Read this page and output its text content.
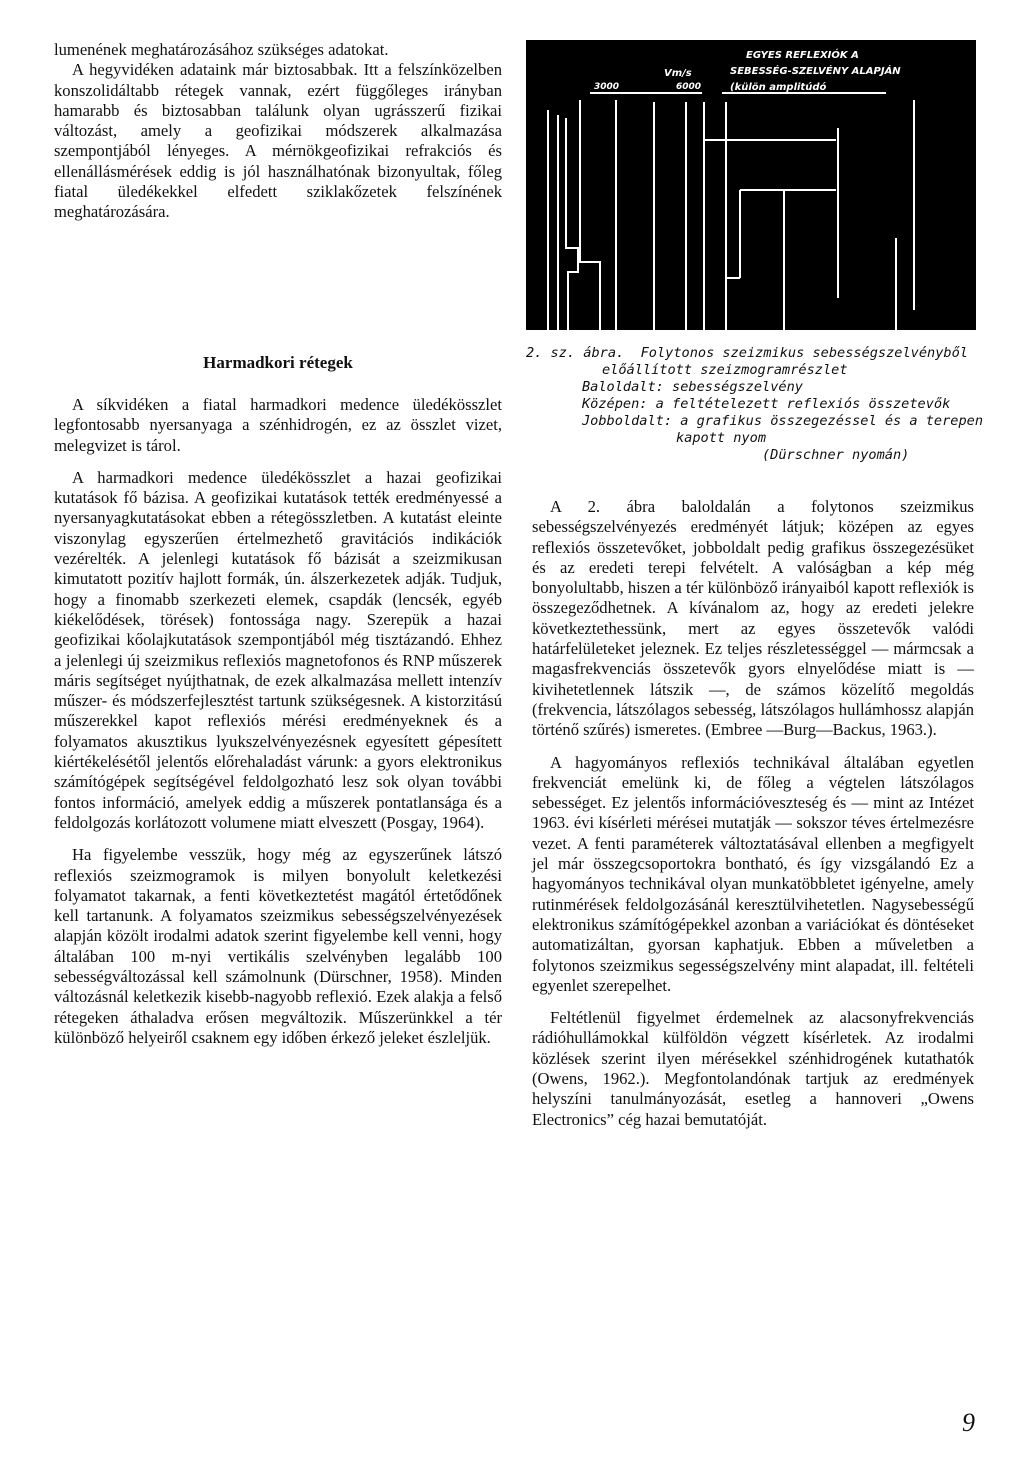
lumenének meghatározásához szükséges adatokat.

A hegyvidéken adataink már biztosabbak. Itt a felszínközelben konszolidáltabb rétegek vannak, ezért függőleges irányban hamarabb és biztosabban találunk olyan ugrásszerű fizikai változást, amely a geofizikai módszerek alkalmazása szempontjából lényeges. A mérnökgeofizikai refrakciós és ellenállásmérések eddig is jól használhatónak bizonyultak, főleg fiatal üledékekkel elfedett sziklakőzetek felszínének meghatározására.

Harmadkori rétegek

A síkvidéken a fiatal harmadkori medence üledékösszlet legfontosabb nyersanyaga a szénhidrogén, ez az összlet vizet, melegvizet is tárol.

A harmadkori medence üledékösszlet a hazai geofizikai kutatások fő bázisa. A geofizikai kutatások tették eredményessé a nyersanyagkutatásokat ebben a rétegösszletben. A kutatást eleinte viszonylag egyszerűen értelmezhető gravitációs indikációk vezérelték. A jelenlegi kutatások fő bázisát a szeizmikusan kimutatott pozitív hajlott formák, ún. álszerkezetek adják. Tudjuk, hogy a finomabb szerkezeti elemek, csapdák (lencsék, egyéb kiékelődések, törések) fontossága nagy. Szerepük a hazai geofizikai kőolajkutatások szempontjából még tisztázandó. Ehhez a jelenlegi új szeizmikus reflexiós magnetofonos és RNP műszerek máris segítséget nyújthatnak, de ezek alkalmazása mellett intenzív műszer- és módszerfejlesztést tartunk szükségesnek. A kistorzitású műszerekkel kapot reflexiós mérési eredményeknek és a folyamatos akusztikus lyukszelvényezésnek egyesített gépesített kiértékelésétől jelentős előrehaladást várunk: a gyors elektronikus számítógépek segítségével feldolgozható lesz sok olyan további fontos információ, amelyek eddig a műszerek pontatlansága és a feldolgozás korlátozott volumene miatt elveszett (Posgay, 1964).

Ha figyelembe vesszük, hogy még az egyszerűnek látszó reflexiós szeizmogramok is milyen bonyolult keletkezési folyamatot takarnak, a fenti következtetést magától értetődőnek kell tartanunk. A folyamatos szeizmikus sebességszelvényezések alapján közölt irodalmi adatok szerint figyelembe kell venni, hogy általában 100 m-nyi vertikális szelvényben legalább 100 sebességváltozással kell számolnunk (Dürschner, 1958). Minden változásnál keletkezik kisebb-nagyobb reflexió. Ezek alakja a felső rétegeken áthaladva erősen megváltozik. Műszerünkkel a tér különböző helyeiről csaknem egy időben érkező jeleket észleljük.

Vm/s
3000	6000
EGYES REFLEXIÓK A
SEBESSÉG-SZELVÉNY ALAPJÁN
(külön amplitúdó
2. sz. ábra. Folytonos szeizmikus sebességszelvényből
előállított szeizmogramrészlet
Baloldalt: sebességszelvény
Középen: a feltételezett reflexiós összetevők
Jobboldalt: a grafikus összegezéssel és a terepen
kapott nyom
(Dürschner nyomán)

A 2. ábra baloldalán a folytonos szeizmikus sebességszelvényezés eredményét látjuk; középen az egyes reflexiós összetevőket, jobboldalt pedig grafikus összegezésüket és az eredeti terepi felvételt. A valóságban a kép még bonyolultabb, hiszen a tér különböző irányaiból kapott reflexiók is összegeződhetnek. A kívánalom az, hogy az eredeti jelekre következtethessünk, mert az egyes összetevők valódi határfelületeket jeleznek. Ez teljes részletességgel — mármcsak a magasfrekvenciás összetevők gyors elnyelődése miatt is — kivihetetlennek látszik —, de számos közelítő megoldás (frekvencia, látszólagos sebesség, látszólagos hullámhossz alapján történő szűrés) ismeretes. (Embree —Burg—Backus, 1963.).

A hagyományos reflexiós technikával általában egyetlen frekvenciát emelünk ki, de főleg a végtelen látszólagos sebességet. Ez jelentős információveszteség és — mint az Intézet 1963. évi kísérleti mérései mutatják — sokszor téves értelmezésre vezet. A fenti paraméterek változtatásával ellenben a megfigyelt jel már összegcsoportokra bontható, és így vizsgálandó Ez a hagyományos technikával olyan munkatöbbletet igényelne, amely rutinmérések feldolgozásánál keresztülvihetetlen. Nagysebességű elektronikus számítógépekkel azonban a variációkat és döntéseket automatizáltan, gyorsan kaphatjuk. Ebben a műveletben a folytonos szeizmikus segességszelvény mint alapadat, ill. feltételi egyenlet szerepelhet.

Feltétlenül figyelmet érdemelnek az alacsonyfrekvenciás rádióhullámokkal külföldön végzett kísérletek. Az irodalmi közlések szerint ilyen mérésekkel szénhidrogének kutathatók (Owens, 1962.). Megfontolandónak tartjuk az eredmények helyszíni tanulmányozását, esetleg a hannoveri „Owens Electronics” cég hazai bemutatóját.

9
